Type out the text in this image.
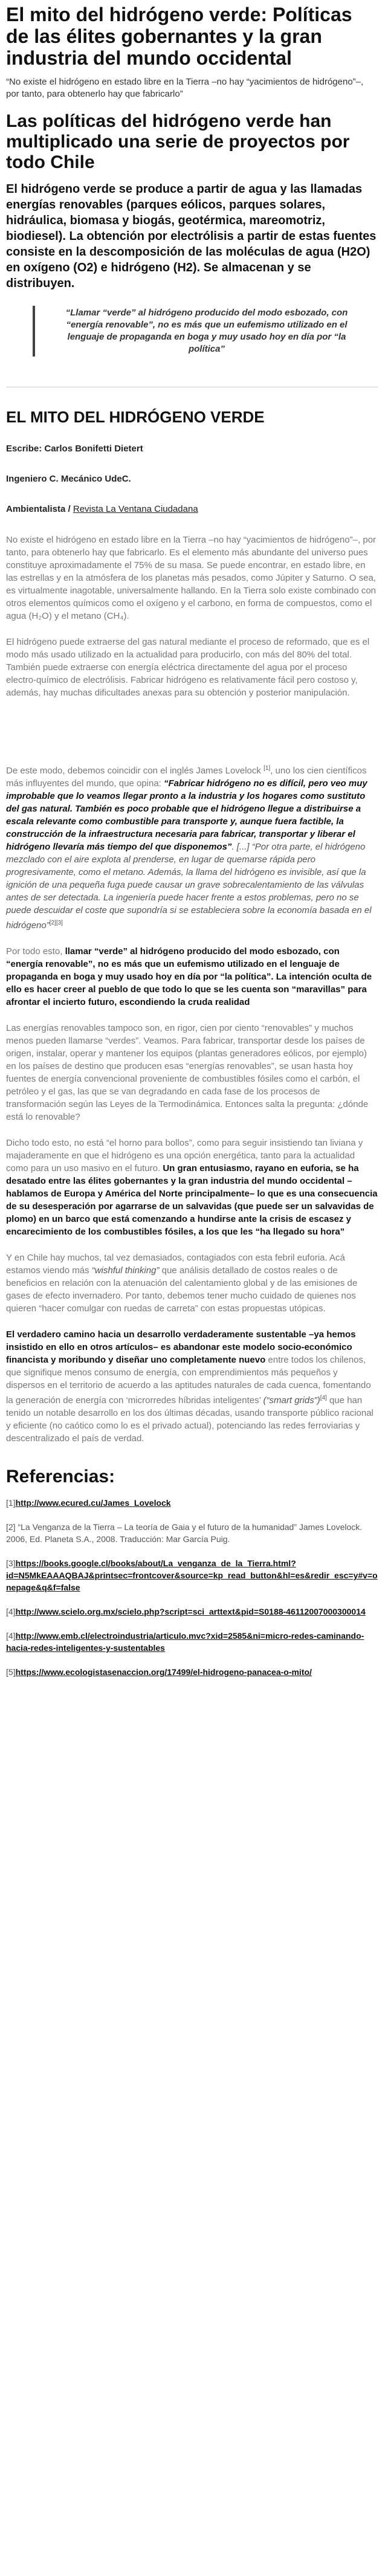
El mito del hidrógeno verde: Políticas de las élites gobernantes y la gran industria del mundo occidental

“No existe el hidrógeno en estado libre en la Tierra –no hay “yacimientos de hidrógeno”–, por tanto, para obtenerlo hay que fabricarlo”

Las políticas del hidrógeno verde han multiplicado una serie de proyectos por todo Chile

El hidrógeno verde se produce a partir de agua y las llamadas energías renovables (parques eólicos, parques solares, hidráulica, biomasa y biogás, geotérmica, mareomotriz, biodiesel). La obtención por electrólisis a partir de estas fuentes consiste en la descomposición de las moléculas de agua (H2O) en oxígeno (O2) e hidrógeno (H2). Se almacenan y se distribuyen.

“Llamar “verde” al hidrógeno producido del modo esbozado, con “energía renovable”, no es más que un eufemismo utilizado en el lenguaje de propaganda en boga y muy usado hoy en día por “la política”

EL MITO DEL HIDRÓGENO VERDE

Escribe: Carlos Bonifetti Dietert

Ingeniero C. Mecánico UdeC.

Ambientalista / Revista La Ventana Ciudadana

No existe el hidrógeno en estado libre en la Tierra –no hay “yacimientos de hidrógeno”–, por tanto, para obtenerlo hay que fabricarlo. Es el elemento más abundante del universo pues constituye aproximadamente el 75% de su masa. Se puede encontrar, en estado libre, en las estrellas y en la atmósfera de los planetas más pesados, como Júpiter y Saturno. O sea, es virtualmente inagotable, universalmente hallando. En la Tierra solo existe combinado con otros elementos químicos como el oxígeno y el carbono, en forma de compuestos, como el agua (H₂O) y el metano (CH₄).

El hidrógeno puede extraerse del gas natural mediante el proceso de reformado, que es el modo más usado utilizado en la actualidad para producirlo, con más del 80% del total. También puede extraerse con energía eléctrica directamente del agua por el proceso electro-químico de electrólisis. Fabricar hidrógeno es relativamente fácil pero costoso y, además, hay muchas dificultades anexas para su obtención y posterior manipulación.

De este modo, debemos coincidir con el inglés James Lovelock [1], uno los cien científicos más influyentes del mundo, que opina: “Fabricar hidrógeno no es difícil, pero veo muy improbable que lo veamos llegar pronto a la industria y los hogares como sustituto del gas natural. También es poco probable que el hidrógeno llegue a distribuirse a escala relevante como combustible para transporte y, aunque fuera factible, la construcción de la infraestructura necesaria para fabricar, transportar y liberar el hidrógeno llevaría más tiempo del que disponemos”. [...] “Por otra parte, el hidrógeno mezclado con el aire explota al prenderse, en lugar de quemarse rápida pero progresivamente, como el metano. Además, la llama del hidrógeno es invisible, así que la ignición de una pequeña fuga puede causar un grave sobrecalentamiento de las válvulas antes de ser detectada. La ingeniería puede hacer frente a estos problemas, pero no se puede descuidar el coste que supondría si se estableciera sobre la economía basada en el hidrógeno”[2][3]

Por todo esto, llamar “verde” al hidrógeno producido del modo esbozado, con “energía renovable”, no es más que un eufemismo utilizado en el lenguaje de propaganda en boga y muy usado hoy en día por “la política”. La intención oculta de ello es hacer creer al pueblo de que todo lo que se les cuenta son “maravillas” para afrontar el incierto futuro, escondiendo la cruda realidad

Las energías renovables tampoco son, en rigor, cien por ciento “renovables” y muchos menos pueden llamarse “verdes”. Veamos. Para fabricar, transportar desde los países de origen, instalar, operar y mantener los equipos (plantas generadores eólicos, por ejemplo) en los países de destino que producen esas “energías renovables”, se usan hasta hoy fuentes de energía convencional proveniente de combustibles fósiles como el carbón, el petróleo y el gas, las que se van degradando en cada fase de los procesos de transformación según las Leyes de la Termodinámica. Entonces salta la pregunta: ¿dónde está lo renovable?

Dicho todo esto, no está “el horno para bollos”, como para seguir insistiendo tan liviana y majaderamente en que el hidrógeno es una opción energética, tanto para la actualidad como para un uso masivo en el futuro. Un gran entusiasmo, rayano en euforia, se ha desatado entre las élites gobernantes y la gran industria del mundo occidental –hablamos de Europa y América del Norte principalmente– lo que es una consecuencia de su desesperación por agarrarse de un salvavidas (que puede ser un salvavidas de plomo) en un barco que está comenzando a hundirse ante la crisis de escasez y encarecimiento de los combustibles fósiles, a los que les “ha llegado su hora”

Y en Chile hay muchos, tal vez demasiados, contagiados con esta febril euforia. Acá estamos viendo más “wishful thinking” que análisis detallado de costos reales o de beneficios en relación con la atenuación del calentamiento global y de las emisiones de gases de efecto invernadero. Por tanto, debemos tener mucho cuidado de quienes nos quieren “hacer comulgar con ruedas de carreta” con estas propuestas utópicas.

El verdadero camino hacia un desarrollo verdaderamente sustentable –ya hemos insistido en ello en otros artículos– es abandonar este modelo socio-económico financista y moribundo y diseñar uno completamente nuevo entre todos los chilenos, que signifique menos consumo de energía, con emprendimientos más pequeños y dispersos en el territorio de acuerdo a las aptitudes naturales de cada cuenca, fomentando la generación de energía con ‘microrredes híbridas inteligentes’ (“smart grids”)[4] que han tenido un notable desarrollo en los dos últimas décadas, usando transporte público racional y eficiente (no caótico como lo es el privado actual), potenciando las redes ferroviarias y descentralizado el país de verdad.

Referencias:

[1]http://www.ecured.cu/James_Lovelock

[2] “La Venganza de la Tierra – La teoría de Gaia y el futuro de la humanidad” James Lovelock. 2006, Ed. Planeta S.A., 2008. Traducción: Mar García Puig.

[3]https://books.google.cl/books/about/La_venganza_de_la_Tierra.html?id=N5MkEAAAQBAJ&printsec=frontcover&source=kp_read_button&hl=es&redir_esc=y#v=onepage&q&f=false

[4]http://www.scielo.org.mx/scielo.php?script=sci_arttext&pid=S0188-46112007000300014

[4]http://www.emb.cl/electroindustria/articulo.mvc?xid=2585&ni=micro-redes-caminando-hacia-redes-inteligentes-y-sustentables

[5]https://www.ecologistasenaccion.org/17499/el-hidrogeno-panacea-o-mito/
